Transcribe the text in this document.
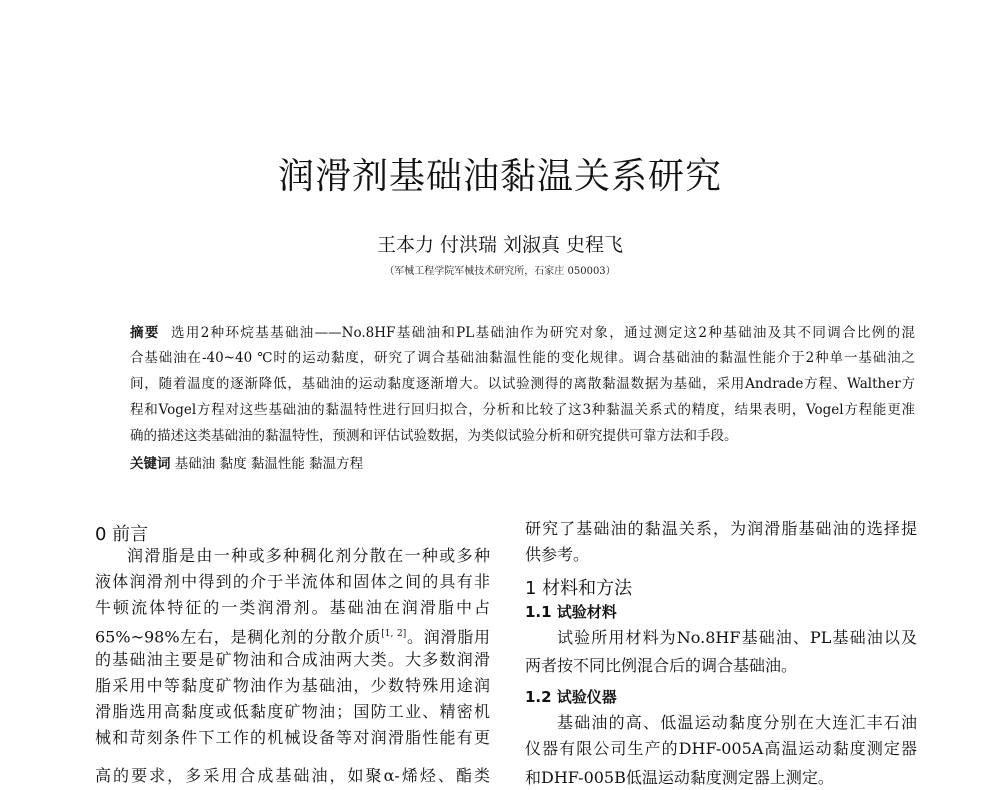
润滑剂基础油黏温关系研究
王本力 付洪瑞 刘淑真 史程飞
（军械工程学院军械技术研究所，石家庄 050003）
摘要 选用2种环烷基基础油——No.8HF基础油和PL基础油作为研究对象，通过测定这2种基础油及其不同调合比例的混
合基础油在-40~40 ℃时的运动黏度，研究了调合基础油黏温性能的变化规律。调合基础油的黏温性能介于2种单一基础油之
间，随着温度的逐渐降低，基础油的运动黏度逐渐增大。以试验测得的离散黏温数据为基础，采用Andrade方程、Walther方
程和Vogel方程对这些基础油的黏温特性进行回归拟合，分析和比较了这3种黏温关系式的精度，结果表明，Vogel方程能更准
确的描述这类基础油的黏温特性，预测和评估试验数据，为类似试验分析和研究提供可靠方法和手段。
关键词 基础油 黏度 黏温性能 黏温方程
0 前言
润滑脂是由一种或多种稠化剂分散在一种或多种
液体润滑剂中得到的介于半流体和固体之间的具有非
牛顿流体特征的一类润滑剂。基础油在润滑脂中占
65%~98%左右，是稠化剂的分散介质[1, 2]。润滑脂用
的基础油主要是矿物油和合成油两大类。大多数润滑
脂采用中等黏度矿物油作为基础油，少数特殊用途润
滑脂选用高黏度或低黏度矿物油；国防工业、精密机
械和苛刻条件下工作的机械设备等对润滑脂性能有更
高的要求，多采用合成基础油，如聚α-烯烃、酯类
研究了基础油的黏温关系，为润滑脂基础油的选择提
供参考。
1 材料和方法
1.1 试验材料
试验所用材料为No.8HF基础油、PL基础油以及
两者按不同比例混合后的调合基础油。
1.2 试验仪器
基础油的高、低温运动黏度分别在大连汇丰石油
仪器有限公司生产的DHF-005A高温运动黏度测定器
和DHF-005B低温运动黏度测定器上测定。
